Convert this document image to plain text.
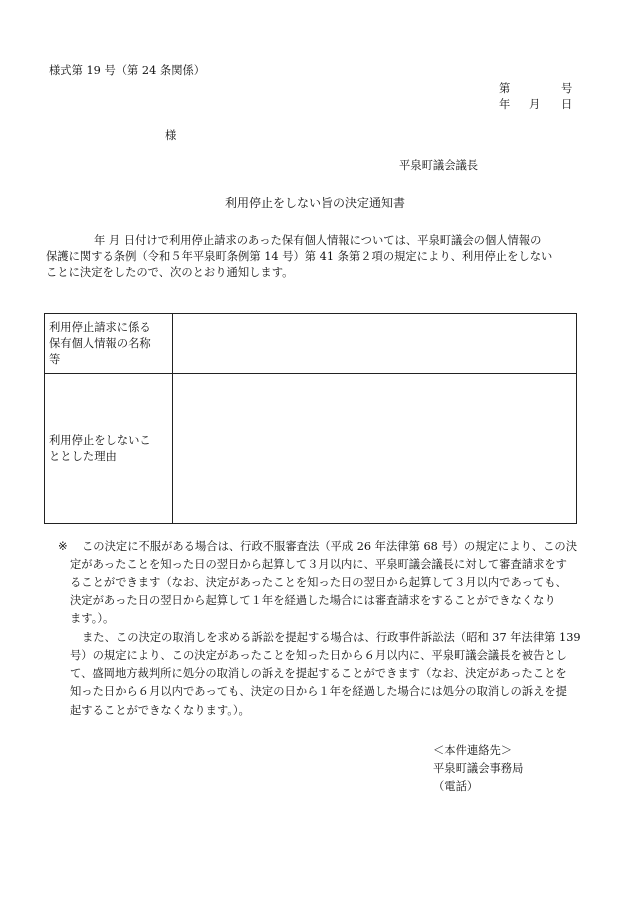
様式第 19 号（第 24 条関係）
第	号
年 月 日
様
平泉町議会議長
利用停止をしない旨の決定通知書
年 月 日付けで利用停止請求のあった保有個人情報については、平泉町議会の個人情報の
保護に関する条例（令和５年平泉町条例第 14 号）第 41 条第２項の規定により、利用停止をしない
ことに決定をしたので、次のとおり通知します。
利用停止請求に係る
保有個人情報の名称
等	
利用停止をしないこ
ととした理由	
※ この決定に不服がある場合は、行政不服審査法（平成 26 年法律第 68 号）の規定により、この決
定があったことを知った日の翌日から起算して３月以内に、平泉町議会議長に対して審査請求をす
ることができます（なお、決定があったことを知った日の翌日から起算して３月以内であっても、
決定があった日の翌日から起算して１年を経過した場合には審査請求をすることができなくなり
ます。）。
また、この決定の取消しを求める訴訟を提起する場合は、行政事件訴訟法（昭和 37 年法律第 139
号）の規定により、この決定があったことを知った日から６月以内に、平泉町議会議長を被告とし
て、盛岡地方裁判所に処分の取消しの訴えを提起することができます（なお、決定があったことを
知った日から６月以内であっても、決定の日から１年を経過した場合には処分の取消しの訴えを提
起することができなくなります。）。
＜本件連絡先＞
平泉町議会事務局
（電話）
